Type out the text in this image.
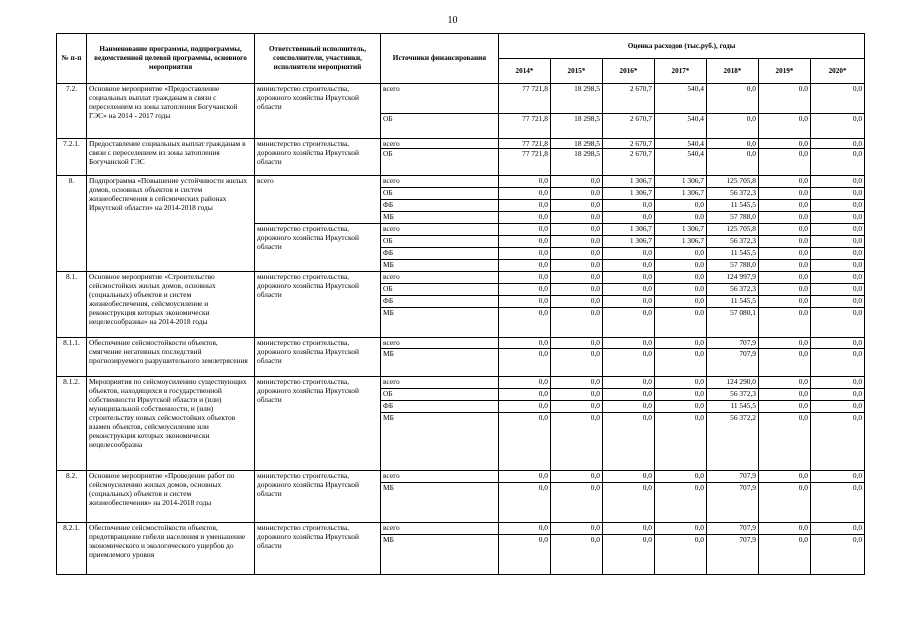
10
№ п-п	Наименование программы, подпрограммы, ведомственной целевой программы, основного мероприятия	Ответственный исполнитель, соисполнители, участники, исполнители мероприятий	Источники финансирования	Оценка расходов (тыс.руб.), годы						
				2014*	2015*	2016*	2017*	2018*	2019*	2020*
7.2.	Основное мероприятие «Предоставление социальных выплат гражданам в связи с переселением из зоны затопления Богучанской ГЭС» на 2014 - 2017 годы	министерство строительства, дорожного хозяйства Иркутской области	всего	77 721,8	18 298,5	2 670,7	540,4	0,0	0,0	0,0
			ОБ	77 721,8	18 298,5	2 670,7	540,4	0,0	0,0	0,0
7.2.1.	Предоставление социальных выплат гражданам в связи с переселением из зоны затопления Богучанской ГЭС	министерство строительства, дорожного хозяйства Иркутской области	всего	77 721,8	18 298,5	2 670,7	540,4	0,0	0,0	0,0
			ОБ	77 721,8	18 298,5	2 670,7	540,4	0,0	0,0	0,0
8.	Подпрограмма «Повышение устойчивости жилых домов, основных объектов и систем жизнеобеспечения в сейсмических районах Иркутской области» на 2014-2018 годы	всего	всего	0,0	0,0	1 306,7	1 306,7	125 705,8	0,0	0,0
			ОБ	0,0	0,0	1 306,7	1 306,7	56 372,3	0,0	0,0
			ФБ	0,0	0,0	0,0	0,0	11 545,5	0,0	0,0
			МБ	0,0	0,0	0,0	0,0	57 788,0	0,0	0,0
		министерство строительства, дорожного хозяйства Иркутской области	всего	0,0	0,0	1 306,7	1 306,7	125 705,8	0,0	0,0
			ОБ	0,0	0,0	1 306,7	1 306,7	56 372,3	0,0	0,0
			ФБ	0,0	0,0	0,0	0,0	11 545,5	0,0	0,0
			МБ	0,0	0,0	0,0	0,0	57 788,0	0,0	0,0
8.1.	Основное мероприятие «Строительство сейсмостойких жилых домов, основных (социальных) объектов и систем жизнеобеспечения, сейсмоусиление и реконструкция которых экономически нецелесообразны» на 2014-2018 годы	министерство строительства, дорожного хозяйства Иркутской области	всего	0,0	0,0	0,0	0,0	124 997,9	0,0	0,0
			ОБ	0,0	0,0	0,0	0,0	56 372,3	0,0	0,0
			ФБ	0,0	0,0	0,0	0,0	11 545,5	0,0	0,0
			МБ	0,0	0,0	0,0	0,0	57 080,1	0,0	0,0
8.1.1.	Обеспечение сейсмостойкости объектов, смягчение негативных последствий прогнозируемого разрушительного землетрясения	министерство строительства, дорожного хозяйства Иркутской области	всего	0,0	0,0	0,0	0,0	707,9	0,0	0,0
			МБ	0,0	0,0	0,0	0,0	707,9	0,0	0,0
8.1.2.	Мероприятия по сейсмоусилению существующих объектов, находящихся в государственной собственности Иркутской области и (или) муниципальной собственности, и (или) строительству новых сейсмостойких объектов взамен объектов, сейсмоусиление или реконструкция которых экономически нецелесообразна	министерство строительства, дорожного хозяйства Иркутской области	всего	0,0	0,0	0,0	0,0	124 290,0	0,0	0,0
			ОБ	0,0	0,0	0,0	0,0	56 372,3	0,0	0,0
			ФБ	0,0	0,0	0,0	0,0	11 545,5	0,0	0,0
			МБ	0,0	0,0	0,0	0,0	56 372,2	0,0	0,0
8.2.	Основное мероприятие «Проведение работ по сейсмоусилению жилых домов, основных (социальных) объектов и систем жизнеобеспечения» на 2014-2018 годы	министерство строительства, дорожного хозяйства Иркутской области	всего	0,0	0,0	0,0	0,0	707,9	0,0	0,0
			МБ	0,0	0,0	0,0	0,0	707,9	0,0	0,0
8.2.1.	Обеспечение сейсмостойкости объектов, предотвращение гибели населения и уменьшение экономического и экологического ущербов до приемлемого уровня	министерство строительства, дорожного хозяйства Иркутской области	всего	0,0	0,0	0,0	0,0	707,9	0,0	0,0
			МБ	0,0	0,0	0,0	0,0	707,9	0,0	0,0
